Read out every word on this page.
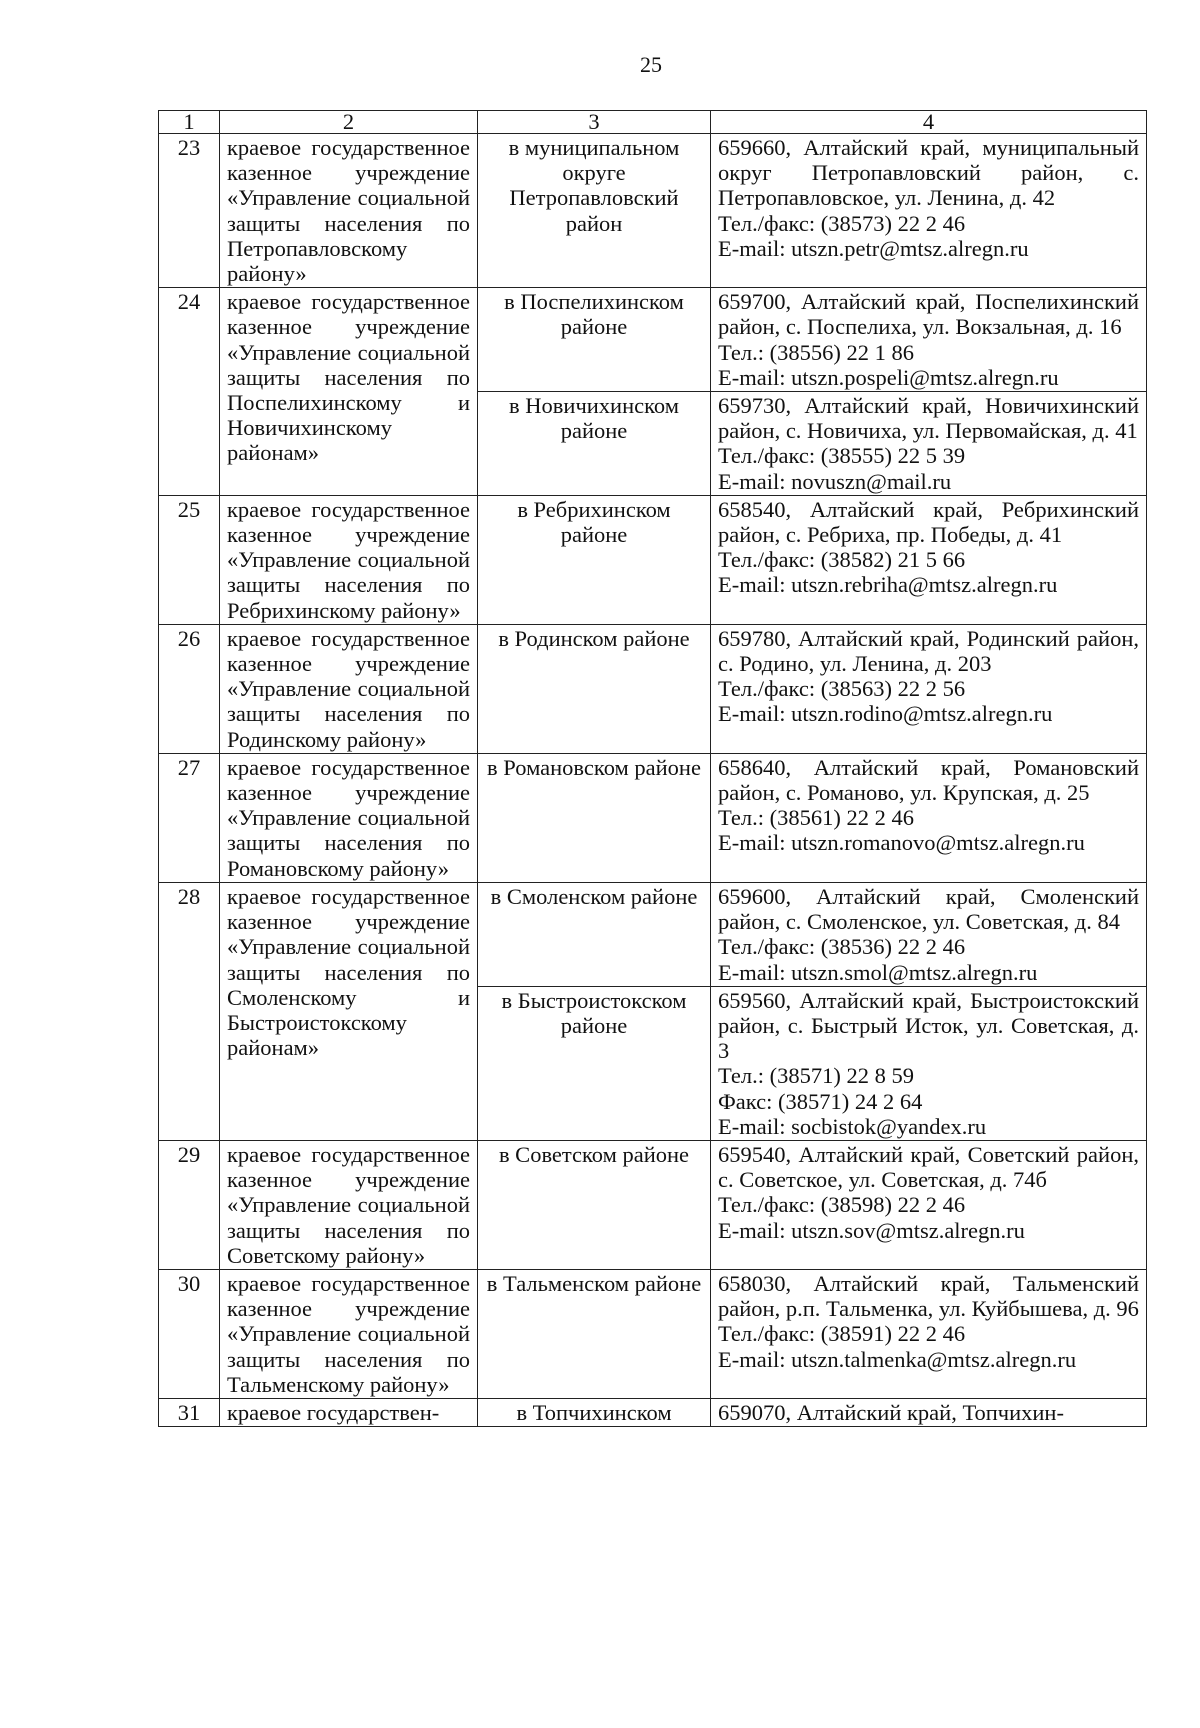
25
1	2	3	4
23	краевое государственное казенное учреждение «Управление социальной защиты населения по Петропавловскому району»	в муниципальном округе Петропавловский район	659660, Алтайский край, муниципальный округ Петропавловский район, с. Петропавловское, ул. Ленина, д. 42
Тел./факс: (38573) 22 2 46
E-mail: utszn.petr@mtsz.alregn.ru

24	краевое государственное казенное учреждение «Управление социальной защиты населения по Поспелихинскому и Новичихинскому районам»	в Поспелихинском районе	659700, Алтайский край, Поспелихинский район, с. Поспелиха, ул. Вокзальная, д. 16
Тел.: (38556) 22 1 86
E-mail: utszn.pospeli@mtsz.alregn.ru

		в Новичихинском районе	659730, Алтайский край, Новичихинский район, с. Новичиха, ул. Первомайская, д. 41
Тел./факс: (38555) 22 5 39
E-mail: novuszn@mail.ru

25	краевое государственное казенное учреждение «Управление социальной защиты населения по Ребрихинскому району»	в Ребрихинском районе	658540, Алтайский край, Ребрихинский район, с. Ребриха, пр. Победы, д. 41
Тел./факс: (38582) 21 5 66
E-mail: utszn.rebriha@mtsz.alregn.ru

26	краевое государственное казенное учреждение «Управление социальной защиты населения по Родинскому району»	в Родинском районе	659780, Алтайский край, Родинский район, с. Родино, ул. Ленина, д. 203
Тел./факс: (38563) 22 2 56
E-mail: utszn.rodino@mtsz.alregn.ru

27	краевое государственное казенное учреждение «Управление социальной защиты населения по Романовскому району»	в Романовском районе	658640, Алтайский край, Романовский район, с. Романово, ул. Крупская, д. 25
Тел.: (38561) 22 2 46
E-mail: utszn.romanovo@mtsz.alregn.ru

28	краевое государственное казенное учреждение «Управление социальной защиты населения по Смоленскому и Быстроистокскому районам»	в Смоленском районе	659600, Алтайский край, Смоленский район, с. Смоленское, ул. Советская, д. 84
Тел./факс: (38536) 22 2 46
E-mail: utszn.smol@mtsz.alregn.ru

		в Быстроистокском районе	659560, Алтайский край, Быстроистокский район, с. Быстрый Исток, ул. Советская, д. 3
Тел.: (38571) 22 8 59
Факс: (38571) 24 2 64
E-mail: socbistok@yandex.ru

29	краевое государственное казенное учреждение «Управление социальной защиты населения по Советскому району»	в Советском районе	659540, Алтайский край, Советский район, с. Советское, ул. Советская, д. 74б
Тел./факс: (38598) 22 2 46
E-mail: utszn.sov@mtsz.alregn.ru

30	краевое государственное казенное учреждение «Управление социальной защиты населения по Тальменскому району»	в Тальменском районе	658030, Алтайский край, Тальменский район, р.п. Тальменка, ул. Куйбышева, д. 96
Тел./факс: (38591) 22 2 46
E-mail: utszn.talmenka@mtsz.alregn.ru

31	краевое государствен-	в Топчихинском	659070, Алтайский край, Топчихин-
